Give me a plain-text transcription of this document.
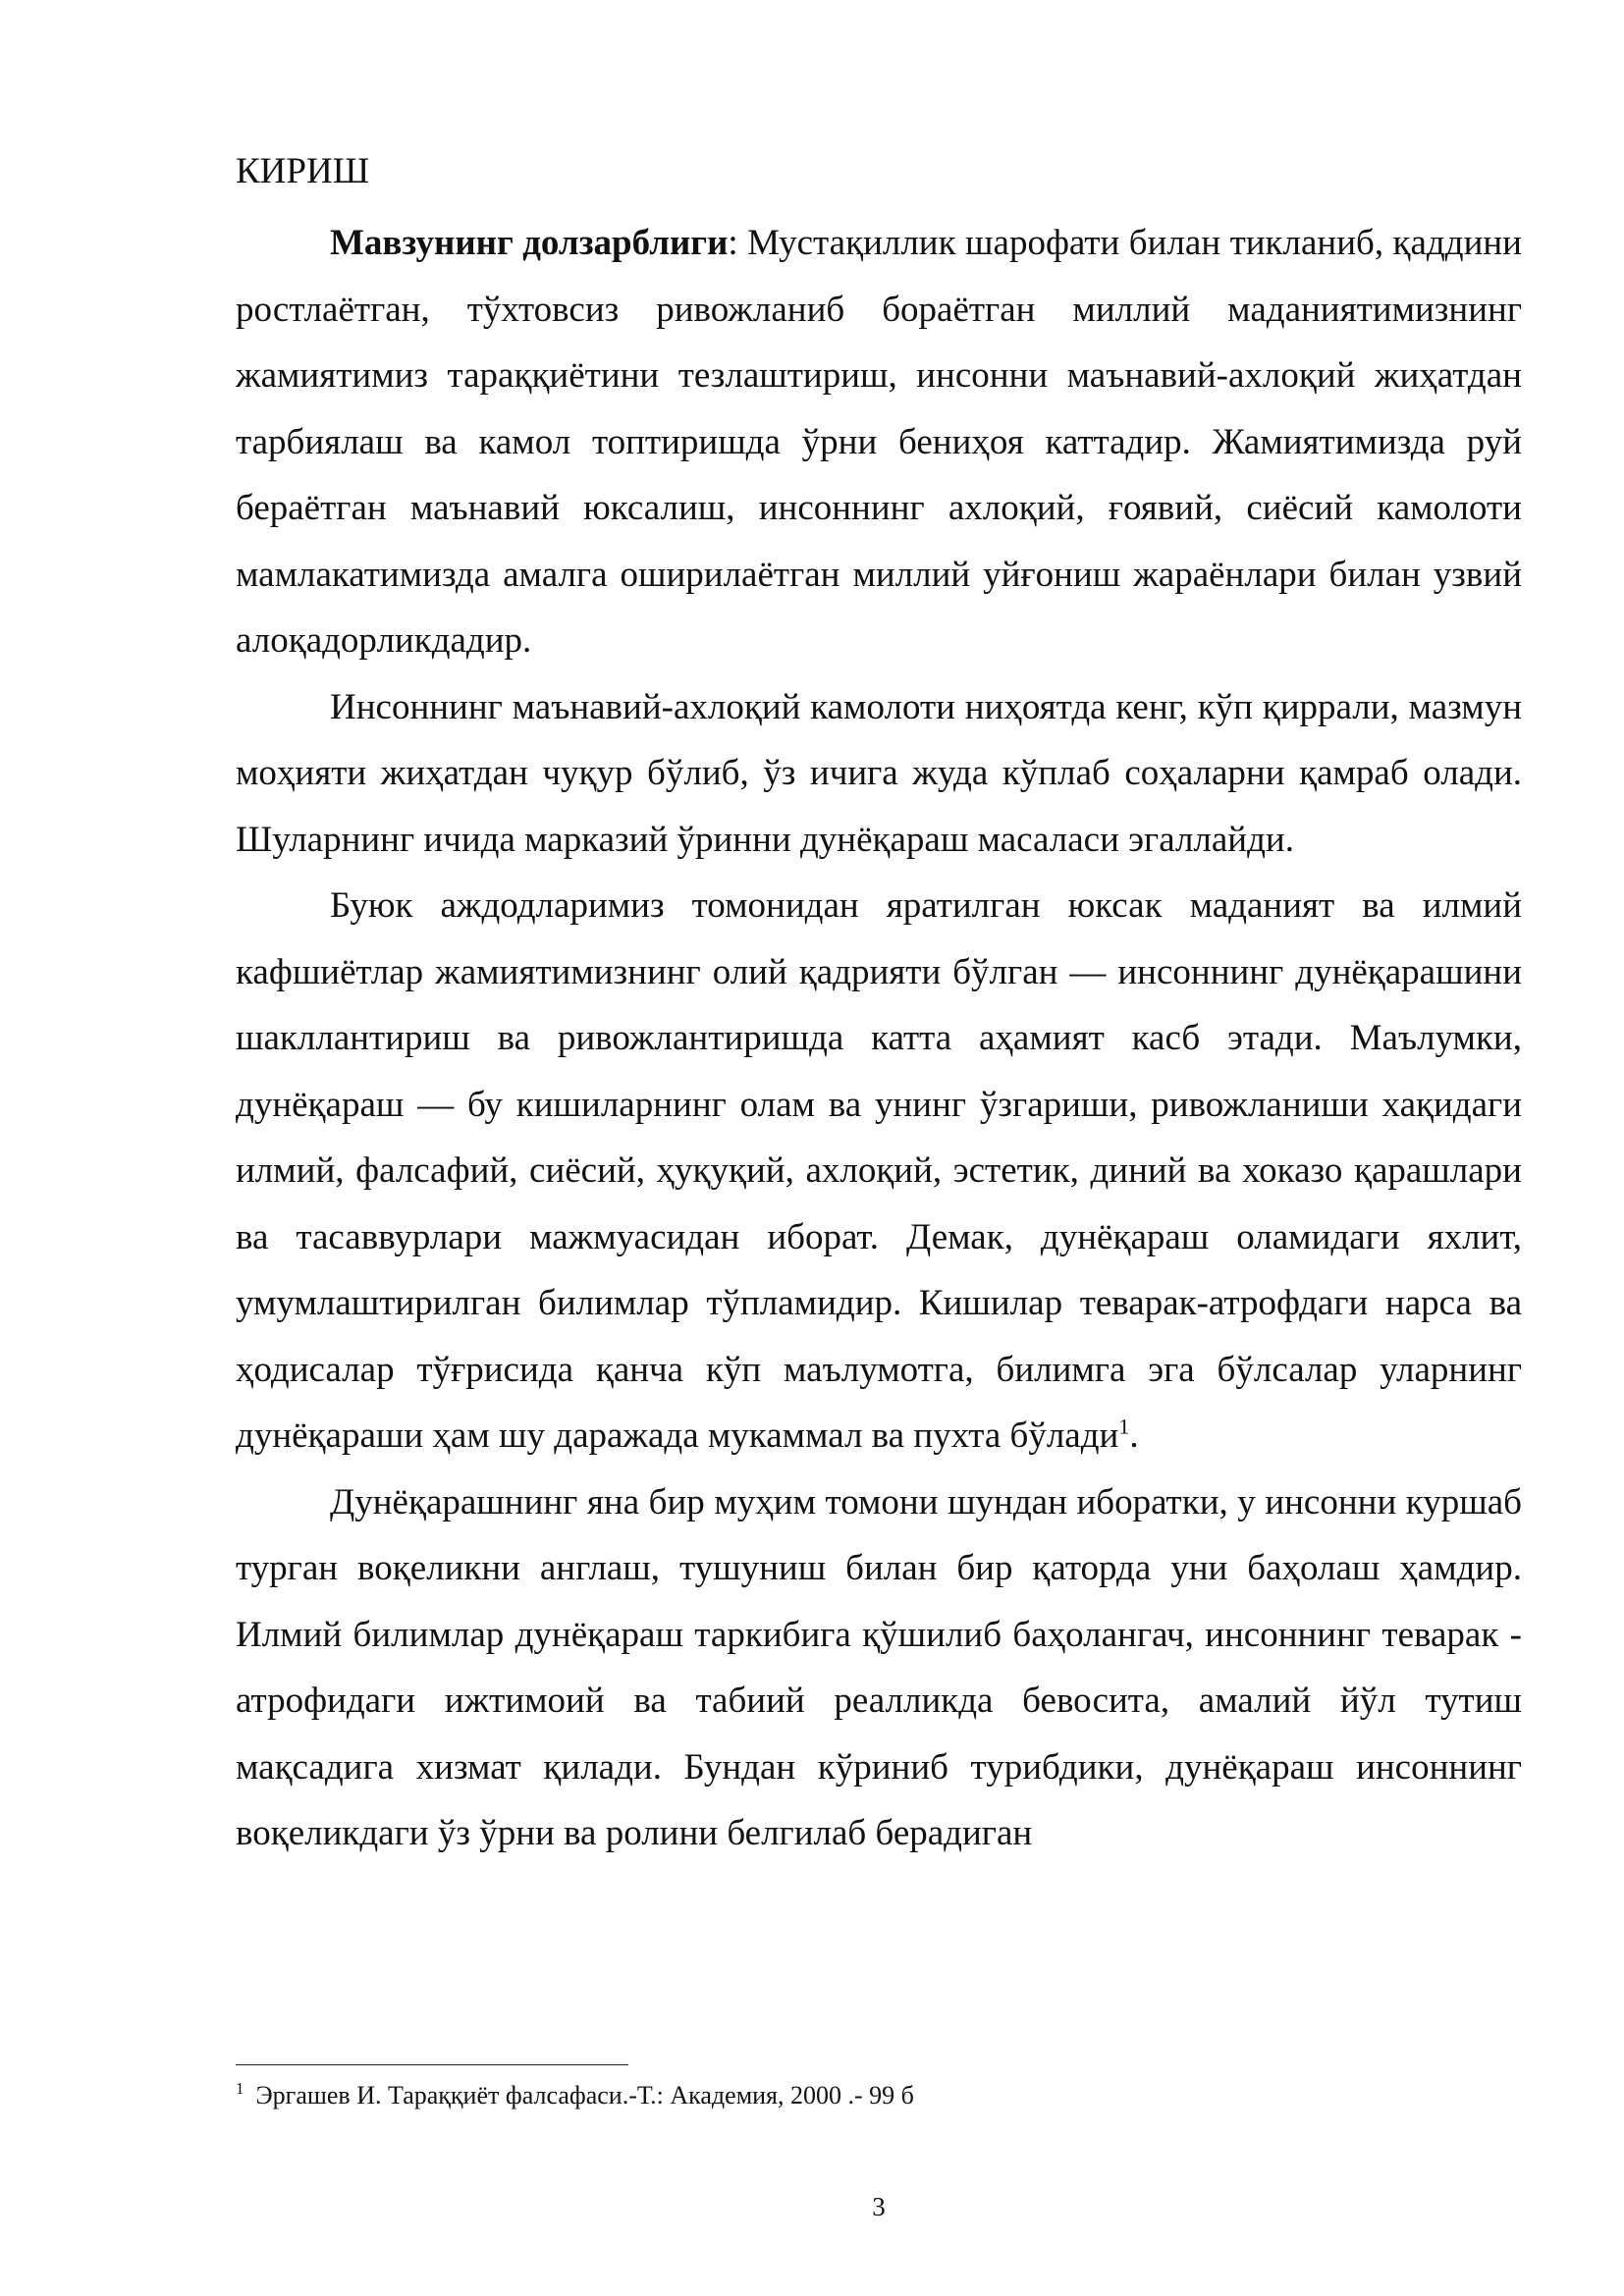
КИРИШ

Мавзунинг долзарблиги: Мустақиллик шарофати билан тикланиб, қаддини ростлаётган, тўхтовсиз ривожланиб бораётган миллий маданиятимизнинг жамиятимиз тараққиётини тезлаштириш, инсонни маънавий-ахлоқий жиҳатдан тарбиялаш ва камол топтиришда ўрни бениҳоя каттадир. Жамиятимизда руй бераётган маънавий юксалиш, инсоннинг ахлоқий, ғоявий, сиёсий камолоти мамлакатимизда амалга оширилаётган миллий уйғониш жараёнлари билан узвий алоқадорликдадир.

Инсоннинг маънавий-ахлоқий камолоти ниҳоятда кенг, кўп қиррали, мазмун моҳияти жиҳатдан чуқур бўлиб, ўз ичига жуда кўплаб соҳаларни қамраб олади. Шуларнинг ичида марказий ўринни дунёқараш масаласи эгаллайди.

Буюк аждодларимиз томонидан яратилган юксак маданият ва илмий кафшиётлар жамиятимизнинг олий қадрияти бўлган — инсоннинг дунёқарашини шакллантириш ва ривожлантиришда катта аҳамият касб этади. Маълумки, дунёқараш — бу кишиларнинг олам ва унинг ўзгариши, ривожланиши хақидаги илмий, фалсафий, сиёсий, ҳуқуқий, ахлоқий, эстетик, диний ва хоказо қарашлари ва тасаввурлари мажмуасидан иборат. Демак, дунёқараш оламидаги яхлит, умумлаштирилган билимлар тўпламидир. Кишилар теварак-атрофдаги нарса ва ҳодисалар тўғрисида қанча кўп маълумотга, билимга эга бўлсалар уларнинг дунёқараши ҳам шу даражада мукаммал ва пухта бўлади$^1$.

Дунёқарашнинг яна бир муҳим томони шундан иборатки, у инсонни куршаб турган воқеликни англаш, тушуниш билан бир қаторда уни баҳолаш ҳамдир. Илмий билимлар дунёқараш таркибига қўшилиб баҳолангач, инсоннинг теварак - атрофидаги ижтимоий ва табиий реалликда бевосита, амалий йўл тутиш мақсадига хизмат қилади. Бундан кўриниб турибдики, дунёқараш инсоннинг воқеликдаги ўз ўрни ва ролини белгилаб берадиган

$^1$ Эргашев И. Тараққиёт фалсафаси.-Т.: Академия, 2000 .- 99 б
3
